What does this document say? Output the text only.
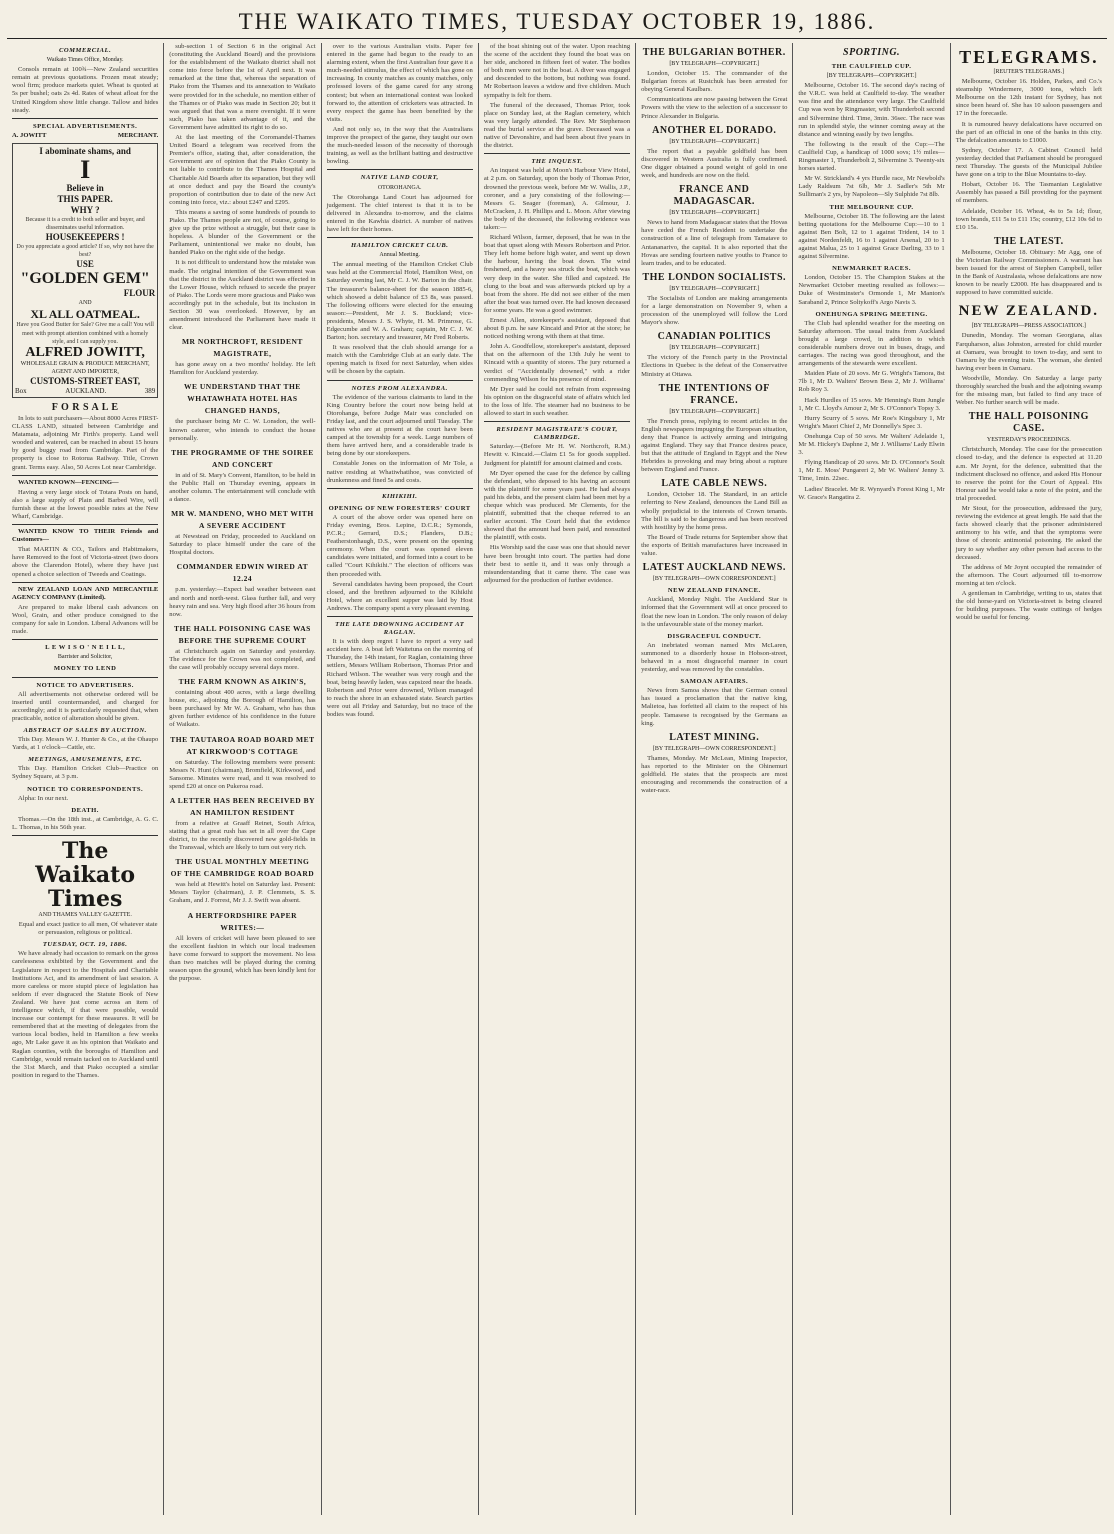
THE WAIKATO TIMES, TUESDAY OCTOBER 19, 1886.
COMMERCIAL.
Waikato Times Office, Monday.
Consols remain at 100¾—New Zealand securities remain at previous quotations. Frozen meat steady; wool firm; produce markets quiet. Wheat is quoted at 5s per bushel; oats 2s 4d. Rates of wheat afloat for the United Kingdom show little change. Tallow and hides steady.
SPECIAL ADVERTISEMENTS.
A. JOWITT	MERCHANT.
I abominate shams, and
I
Believe in
THIS PAPER.
WHY ?
Because it is a credit to both seller and buyer, and disseminates useful information.
HOUSEKEEPERS !
Do you appreciate a good article? If so, why not have the best?
USE
"GOLDEN GEM"
FLOUR
AND
XL ALL OATMEAL.
Have you Good Butter for Sale? Give me a call! You will meet with prompt attention combined with a homely style, and I can supply you.
ALFRED JOWITT,
WHOLESALE GRAIN & PRODUCE MERCHANT,
AGENT AND IMPORTER,
CUSTOMS-STREET EAST,
Box	AUCKLAND.	389
F O R S A L E
In lots to suit purchasers—About 8000 Acres FIRST-CLASS LAND, situated between Cambridge and Matamata, adjoining Mr Firth's property. Land well wooded and watered, can be reached in about 15 hours by good buggy road from Cambridge. Part of the property is close to Rotorua Railway. Title, Crown grant. Terms easy. Also, 50 Acres Lot near Cambridge.
WANTED KNOWN—FENCING—
Having a very large stock of Totara Posts on hand, also a large supply of Plain and Barbed Wire, will furnish these at the lowest possible rates at the New Wharf, Cambridge.
WANTED KNOW TO THEIR Friends and Customers—
That MARTIN & CO., Tailors and Habitmakers, have Removed to the foot of Victoria-street (two doors above the Clarendon Hotel), where they have just opened a choice selection of Tweeds and Coatings.
NEW ZEALAND LOAN AND MERCANTILE AGENCY COMPANY (Limited).
Are prepared to make liberal cash advances on Wool, Grain, and other produce consigned to the company for sale in London. Liberal Advances will be made.
L E W I S O ' N E I L L,
Barrister and Solicitor,
MONEY TO LEND
NOTICE TO ADVERTISERS.
All advertisements not otherwise ordered will be inserted until countermanded, and charged for accordingly; and it is particularly requested that, when practicable, notice of alteration should be given.
ABSTRACT OF SALES BY AUCTION.
This Day. Messrs W. J. Hunter & Co., at the Ohaupo Yards, at 1 o'clock—Cattle, etc.
MEETINGS, AMUSEMENTS, ETC.
This Day. Hamilton Cricket Club—Practice on Sydney Square, at 3 p.m.
NOTICE TO CORRESPONDENTS.
Alpha: In our next.
DEATH.
Thomas.—On the 18th inst., at Cambridge, A. G. C. L. Thomas, in his 56th year.
The Waikato Times
AND THAMES VALLEY GAZETTE.
Equal and exact justice to all men, Of whatever state or persuasion, religious or political.
TUESDAY, OCT. 19, 1886.
We have already had occasion to remark on the gross carelessness exhibited by the Government and the Legislature in respect to the Hospitals and Charitable Institutions Act, and its amendment of last session. A more careless or more stupid piece of legislation has seldom if ever disgraced the Statute Book of New Zealand. We have just come across an item of intelligence which, if that were possible, would increase our contempt for these measures. It will be remembered that at the meeting of delegates from the various local bodies, held in Hamilton a few weeks ago, Mr Lake gave it as his opinion that Waikato and Raglan counties, with the boroughs of Hamilton and Cambridge, would remain tacked on to Auckland until the 31st March, and that Piako occupied a similar position in regard to the Thames.
sub-section 1 of Section 6 in the original Act (constituting the Auckland Board) and the provisions for the establishment of the Waikato district shall not come into force before the 1st of April next. It was remarked at the time that, whereas the separation of Piako from the Thames and its annexation to Waikato were provided for in the schedule, no mention either of the Thames or of Piako was made in Section 20; but it was argued that that was a mere oversight. If it were such, Piako has taken advantage of it, and the Government have admitted its right to do so.
At the last meeting of the Coromandel-Thames United Board a telegram was received from the Premier's office, stating that, after consideration, the Government are of opinion that the Piako County is not liable to contribute to the Thames Hospital and Charitable Aid Boards after its separation, but they will at once deduct and pay the Board the county's proportion of contribution due to date of the new Act coming into force, viz.: about £247 and £295.
This means a saving of some hundreds of pounds to Piako. The Thames people are not, of course, going to give up the prize without a struggle, but their case is hopeless. A blunder of the Government or the Parliament, unintentional we make no doubt, has handed Piako on the right side of the hedge.
It is not difficult to understand how the mistake was made. The original intention of the Government was that the district in the Auckland district was effected in the Lower House, which refused to secede the prayer of Piako. The Lords were more gracious and Piako was accordingly put in the schedule, but its inclusion in Section 30 was overlooked. However, by an amendment introduced the Parliament have made it clear.
MR NORTHCROFT, RESIDENT MAGISTRATE,
has gone away on a two months' holiday. He left Hamilton for Auckland yesterday.
WE UNDERSTAND THAT THE WHATAWHATA HOTEL HAS CHANGED HANDS,
the purchaser being Mr C. W. Lonsdon, the well-known caterer, who intends to conduct the house personally.
THE PROGRAMME OF THE SOIREE AND CONCERT
in aid of St. Mary's Convent, Hamilton, to be held in the Public Hall on Thursday evening, appears in another column. The entertainment will conclude with a dance.
MR W. MANDENO, WHO MET WITH A SEVERE ACCIDENT
at Newstead on Friday, proceeded to Auckland on Saturday to place himself under the care of the Hospital doctors.
COMMANDER EDWIN WIRED AT 12.24
p.m. yesterday:—Expect bad weather between east and north and north-west. Glass further fall, and very heavy rain and sea. Very high flood after 36 hours from now.
THE HALL POISONING CASE WAS BEFORE THE SUPREME COURT
at Christchurch again on Saturday and yesterday. The evidence for the Crown was not completed, and the case will probably occupy several days more.
THE FARM KNOWN AS AIKIN'S,
containing about 400 acres, with a large dwelling house, etc., adjoining the Borough of Hamilton, has been purchased by Mr W. A. Graham, who has thus given further evidence of his confidence in the future of Waikato.
THE TAUTAROA ROAD BOARD MET AT KIRKWOOD'S COTTAGE
on Saturday. The following members were present: Messrs N. Hunt (chairman), Bromfield, Kirkwood, and Sansome. Minutes were read, and it was resolved to spend £20 at once on Pukeroa road.
A LETTER HAS BEEN RECEIVED BY AN HAMILTON RESIDENT
from a relative at Graaff Reinet, South Africa, stating that a great rush has set in all over the Cape district, to the recently discovered new gold-fields in the Transvaal, which are likely to turn out very rich.
THE USUAL MONTHLY MEETING OF THE CAMBRIDGE ROAD BOARD
was held at Hewitt's hotel on Saturday last. Present: Messrs Taylor (chairman), J. P. Clemmets, S. S. Graham, and J. Forrest, Mr J. J. Swift was absent.
A HERTFORDSHIRE PAPER WRITES:—
All lovers of cricket will have been pleased to see the excellent fashion in which our local tradesmen have come forward to support the movement. No less than two matches will be played during the coming season upon the ground, which has been kindly lent for the purpose.
over to the various Australian visits. Paper fee entered in the game had begun to the ready to an alarming extent, when the first Australian four gave it a much-needed stimulus, the effect of which has gone on increasing. In county matches as county matches, only professed lovers of the game cared for any strong contest; but when an international contest was looked forward to, the attention of cricketers was attracted. In every respect the game has been benefited by the visits.
And not only so, in the way that the Australians improve the prospect of the game, they taught our own the much-needed lesson of the necessity of thorough training, as well as the brilliant batting and destructive bowling.
NATIVE LAND COURT,
OTOROHANGA.
The Otorohanga Land Court has adjourned for judgement. The chief interest is that it is to be delivered in Alexandra to-morrow, and the claims entered in the Kawhia district. A number of natives have left for their homes.
HAMILTON CRICKET CLUB.
Annual Meeting.
The annual meeting of the Hamilton Cricket Club was held at the Commercial Hotel, Hamilton West, on Saturday evening last, Mr C. J. W. Barton in the chair. The treasurer's balance-sheet for the season 1885-6, which showed a debit balance of £3 8s, was passed. The following officers were elected for the ensuing season:—President, Mr J. S. Buckland; vice-presidents, Messrs J. S. Whyte, H. M. Primrose, G. Edgecumbe and W. A. Graham; captain, Mr C. J. W. Barton; hon. secretary and treasurer, Mr Fred Roberts.
It was resolved that the club should arrange for a match with the Cambridge Club at an early date. The opening match is fixed for next Saturday, when sides will be chosen by the captain.
NOTES FROM ALEXANDRA.
The evidence of the various claimants to land in the King Country before the court now being held at Otorohanga, before Judge Mair was concluded on Friday last, and the court adjourned until Tuesday. The natives who are at present at the court have been camped at the township for a week. Large numbers of them have arrived here, and a considerable trade is being done by our storekeepers.
Constable Jones on the information of Mr Tole, a native residing at Whatiwhatihoe, was convicted of drunkenness and fined 5s and costs.
KIHIKIHI.
OPENING OF NEW FORESTERS' COURT
A court of the above order was opened here on Friday evening, Bros. Lepine, D.C.R.; Symonds, P.C.R.; Gerrard, D.S.; Flanders, D.B.; Featherstonhaugh, D.S., were present on the opening ceremony. When the court was opened eleven candidates were initiated, and formed into a court to be called "Court Kihikihi." The election of officers was then proceeded with.
Several candidates having been proposed, the Court closed, and the brethren adjourned to the Kihikihi Hotel, where an excellent supper was laid by Host Andrews. The company spent a very pleasant evening.
THE LATE DROWNING ACCIDENT AT RAGLAN.
It is with deep regret I have to report a very sad accident here. A boat left Waitetuna on the morning of Thursday, the 14th instant, for Raglan, containing three settlers, Messrs William Robertson, Thomas Prior and Richard Wilson. The weather was very rough and the boat, being heavily laden, was capsized near the heads. Robertson and Prior were drowned, Wilson managed to reach the shore in an exhausted state. Search parties were out all Friday and Saturday, but no trace of the bodies was found.
of the boat shining out of the water. Upon reaching the scene of the accident they found the boat was on her side, anchored in fifteen feet of water. The bodies of both men were not in the boat. A diver was engaged and descended to the bottom, but nothing was found. Mr Robertson leaves a widow and five children. Much sympathy is felt for them.
The funeral of the deceased, Thomas Prior, took place on Sunday last, at the Raglan cemetery, which was very largely attended. The Rev. Mr Stephenson read the burial service at the grave. Deceased was a native of Devonshire, and had been about five years in the district.
THE INQUEST.
An inquest was held at Moon's Harbour View Hotel, at 2 p.m. on Saturday, upon the body of Thomas Prior, drowned the previous week, before Mr W. Wallis, J.P., coroner, and a jury consisting of the following:—Messrs G. Seager (foreman), A. Gilmour, J. McCracken, J. H. Phillips and L. Moon. After viewing the body of the deceased, the following evidence was taken:—
Richard Wilson, farmer, deposed, that he was in the boat that upset along with Messrs Robertson and Prior. They left home before high water, and went up down the harbour, having the boat down. The wind freshened, and a heavy sea struck the boat, which was very deep in the water. She filled and capsized. He clung to the boat and was afterwards picked up by a boat from the shore. He did not see either of the men after the boat was turned over. He had known deceased for some years. He was a good swimmer.
Ernest Allen, storekeeper's assistant, deposed that about 8 p.m. he saw Kincaid and Prior at the store; he noticed nothing wrong with them at that time.
John A. Goodfellow, storekeeper's assistant, deposed that on the afternoon of the 13th July he went to Kincaid with a quantity of stores. The jury returned a verdict of "Accidentally drowned," with a rider commending Wilson for his presence of mind.
Mr Dyer said he could not refrain from expressing his opinion on the disgraceful state of affairs which led to the loss of life. The steamer had no business to be allowed to start in such weather.
RESIDENT MAGISTRATE'S COURT, CAMBRIDGE.
Saturday.—(Before Mr H. W. Northcroft, R.M.) Hewitt v. Kincaid.—Claim £1 5s for goods supplied. Judgment for plaintiff for amount claimed and costs.
Mr Dyer opened the case for the defence by calling the defendant, who deposed to his having an account with the plaintiff for some years past. He had always paid his debts, and the present claim had been met by a cheque which was produced. Mr Clements, for the plaintiff, submitted that the cheque referred to an earlier account. The Court held that the evidence showed that the amount had been paid, and nonsuited the plaintiff, with costs.
His Worship said the case was one that should never have been brought into court. The parties had done their best to settle it, and it was only through a misunderstanding that it came there. The case was adjourned for the production of further evidence.
THE BULGARIAN BOTHER.
[BY TELEGRAPH—COPYRIGHT.]
London, October 15. The commander of the Bulgarian forces at Rustchuk has been arrested for obeying General Kaulbars.
Communications are now passing between the Great Powers with the view to the selection of a successor to Prince Alexander in Bulgaria.
ANOTHER EL DORADO.
[BY TELEGRAPH—COPYRIGHT.]
The report that a payable goldfield has been discovered in Western Australia is fully confirmed. One digger obtained a pound weight of gold in one week, and hundreds are now on the field.
FRANCE AND MADAGASCAR.
[BY TELEGRAPH—COPYRIGHT.]
News to hand from Madagascar states that the Hovas have ceded the French Resident to undertake the construction of a line of telegraph from Tamatave to Antananarivo, the capital. It is also reported that the Hovas are sending fourteen native youths to France to learn trades, and to be educated.
THE LONDON SOCIALISTS.
[BY TELEGRAPH—COPYRIGHT.]
The Socialists of London are making arrangements for a large demonstration on November 9, when a procession of the unemployed will follow the Lord Mayor's show.
CANADIAN POLITICS
[BY TELEGRAPH—COPYRIGHT.]
The victory of the French party in the Provincial Elections in Quebec is the defeat of the Conservative Ministry at Ottawa.
THE INTENTIONS OF FRANCE.
[BY TELEGRAPH—COPYRIGHT.]
The French press, replying to recent articles in the English newspapers impugning the European situation, deny that France is actively arming and intriguing against England. They say that France desires peace, but that the attitude of England in Egypt and the New Hebrides is provoking and may bring about a rupture between England and France.
LATE CABLE NEWS.
London, October 18. The Standard, in an article referring to New Zealand, denounces the Land Bill as wholly prejudicial to the interests of Crown tenants. The bill is said to be dangerous and has been received with hostility by the home press.
The Board of Trade returns for September show that the exports of British manufactures have increased in value.
LATEST AUCKLAND NEWS.
[BY TELEGRAPH—OWN CORRESPONDENT.]
NEW ZEALAND FINANCE.
Auckland, Monday Night. The Auckland Star is informed that the Government will at once proceed to float the new loan in London. The only reason of delay is the unfavourable state of the money market.
DISGRACEFUL CONDUCT.
An inebriated woman named Mrs McLaren, summoned to a disorderly house in Hobson-street, behaved in a most disgraceful manner in court yesterday, and was removed by the constables.
SAMOAN AFFAIRS.
News from Samoa shows that the German consul has issued a proclamation that the native king, Malietoa, has forfeited all claim to the respect of his people. Tamasese is recognised by the Germans as king.
LATEST MINING.
[BY TELEGRAPH—OWN CORRESPONDENT.]
Thames, Monday. Mr McLean, Mining Inspector, has reported to the Minister on the Ohinemuri goldfield. He states that the prospects are most encouraging and recommends the construction of a water-race.
SPORTING.
THE CAULFIELD CUP.
[BY TELEGRAPH—COPYRIGHT.]
Melbourne, October 16. The second day's racing of the V.R.C. was held at Caulfield to-day. The weather was fine and the attendance very large. The Caulfield Cup was won by Ringmaster, with Thunderbolt second and Silvermine third. Time, 3min. 36sec. The race was run in splendid style, the winner coming away at the distance and winning easily by two lengths.
The following is the result of the Cup:—The Caulfield Cup, a handicap of 1000 sovs; 1½ miles—Ringmaster 1, Thunderbolt 2, Silvermine 3. Twenty-six horses started.
Mr W. Strickland's 4 yrs Hurdle race, Mr Newbold's Lady Raldsum 7st 6lb, Mr J. Sadler's 5th Mr Sulliman's 2 yrs, by Napoleon—Sly Sulphide 7st 8lb.
THE MELBOURNE CUP.
Melbourne, October 18. The following are the latest betting quotations for the Melbourne Cup:—10 to 1 against Ben Bolt, 12 to 1 against Trident, 14 to 1 against Nordenfeldt, 16 to 1 against Arsenal, 20 to 1 against Malua, 25 to 1 against Grace Darling, 33 to 1 against Silvermine.
NEWMARKET RACES.
London, October 15. The Champion Stakes at the Newmarket October meeting resulted as follows:—Duke of Westminster's Ormonde 1, Mr Manton's Saraband 2, Prince Soltykoff's Argo Navis 3.
ONEHUNGA SPRING MEETING.
The Club had splendid weather for the meeting on Saturday afternoon. The usual trains from Auckland brought a large crowd, in addition to which considerable numbers drove out in buses, drags, and carriages. The racing was good throughout, and the arrangements of the stewards were excellent.
Maiden Plate of 20 sovs. Mr G. Wright's Tamora, 8st 7lb 1, Mr D. Walters' Brown Bess 2, Mr J. Williams' Rob Roy 3.
Hack Hurdles of 15 sovs. Mr Henning's Rum Jungle 1, Mr C. Lloyd's Amour 2, Mr S. O'Connor's Topsy 3.
Hurry Scurry of 5 sovs. Mr Roe's Kingsbury 1, Mr Wright's Maori Chief 2, Mr Donnelly's Spec 3.
Onehunga Cup of 50 sovs. Mr Walters' Adelaide 1, Mr M. Hickey's Daphne 2, Mr J. Williams' Lady Elwin 3.
Flying Handicap of 20 sovs. Mr D. O'Connor's Soult 1, Mr E. Moss' Pungareri 2, Mr W. Walters' Jenny 3. Time, 1min. 22sec.
Ladies' Bracelet. Mr R. Wynyard's Forest King 1, Mr W. Grace's Rangatira 2.
TELEGRAMS.
[REUTER'S TELEGRAMS.]
Melbourne, October 16. Holden, Parkes, and Co.'s steamship Windermere, 3000 tons, which left Melbourne on the 12th instant for Sydney, has not since been heard of. She has 10 saloon passengers and 17 in the forecastle.
It is rumoured heavy defalcations have occurred on the part of an official in one of the banks in this city. The defalcation amounts to £1000.
Sydney, October 17. A Cabinet Council held yesterday decided that Parliament should be prorogued next Thursday. The guests of the Municipal Jubilee have gone on a trip to the Blue Mountains to-day.
Hobart, October 16. The Tasmanian Legislative Assembly has passed a Bill providing for the payment of members.
Adelaide, October 16. Wheat, 4s to 5s 1d; flour, town brands, £11 5s to £11 15s; country, £12 10s 6d to £10 15s.
THE LATEST.
Melbourne, October 18. Obituary: Mr Agg, one of the Victorian Railway Commissioners. A warrant has been issued for the arrest of Stephen Campbell, teller in the Bank of Australasia, whose defalcations are now known to be nearly £2000. He has disappeared and is supposed to have committed suicide.
NEW ZEALAND.
[BY TELEGRAPH—PRESS ASSOCIATION.]
Dunedin, Monday. The woman Georgiana, alias Farquharson, alias Johnston, arrested for child murder at Oamaru, was brought to town to-day, and sent to Oamaru by the evening train. The woman, she denied having ever been in Oamaru.
Woodville, Monday. On Saturday a large party thoroughly searched the bush and the adjoining swamp for the missing man, but failed to find any trace of Weber. No further search will be made.
THE HALL POISONING CASE.
YESTERDAY'S PROCEEDINGS.
Christchurch, Monday. The case for the prosecution closed to-day, and the defence is expected at 11.20 a.m. Mr Joynt, for the defence, submitted that the indictment disclosed no offence, and asked His Honour to reserve the point for the Court of Appeal. His Honour said he would take a note of the point, and the trial proceeded.
Mr Stout, for the prosecution, addressed the jury, reviewing the evidence at great length. He said that the facts showed clearly that the prisoner administered antimony to his wife, and that the symptoms were those of chronic antimonial poisoning. He asked the jury to say whether any other person had access to the deceased.
The address of Mr Joynt occupied the remainder of the afternoon. The Court adjourned till to-morrow morning at ten o'clock.
A gentleman in Cambridge, writing to us, states that the old horse-yard on Victoria-street is being cleared for building purposes. The waste cuttings of hedges would be useful for fencing.
